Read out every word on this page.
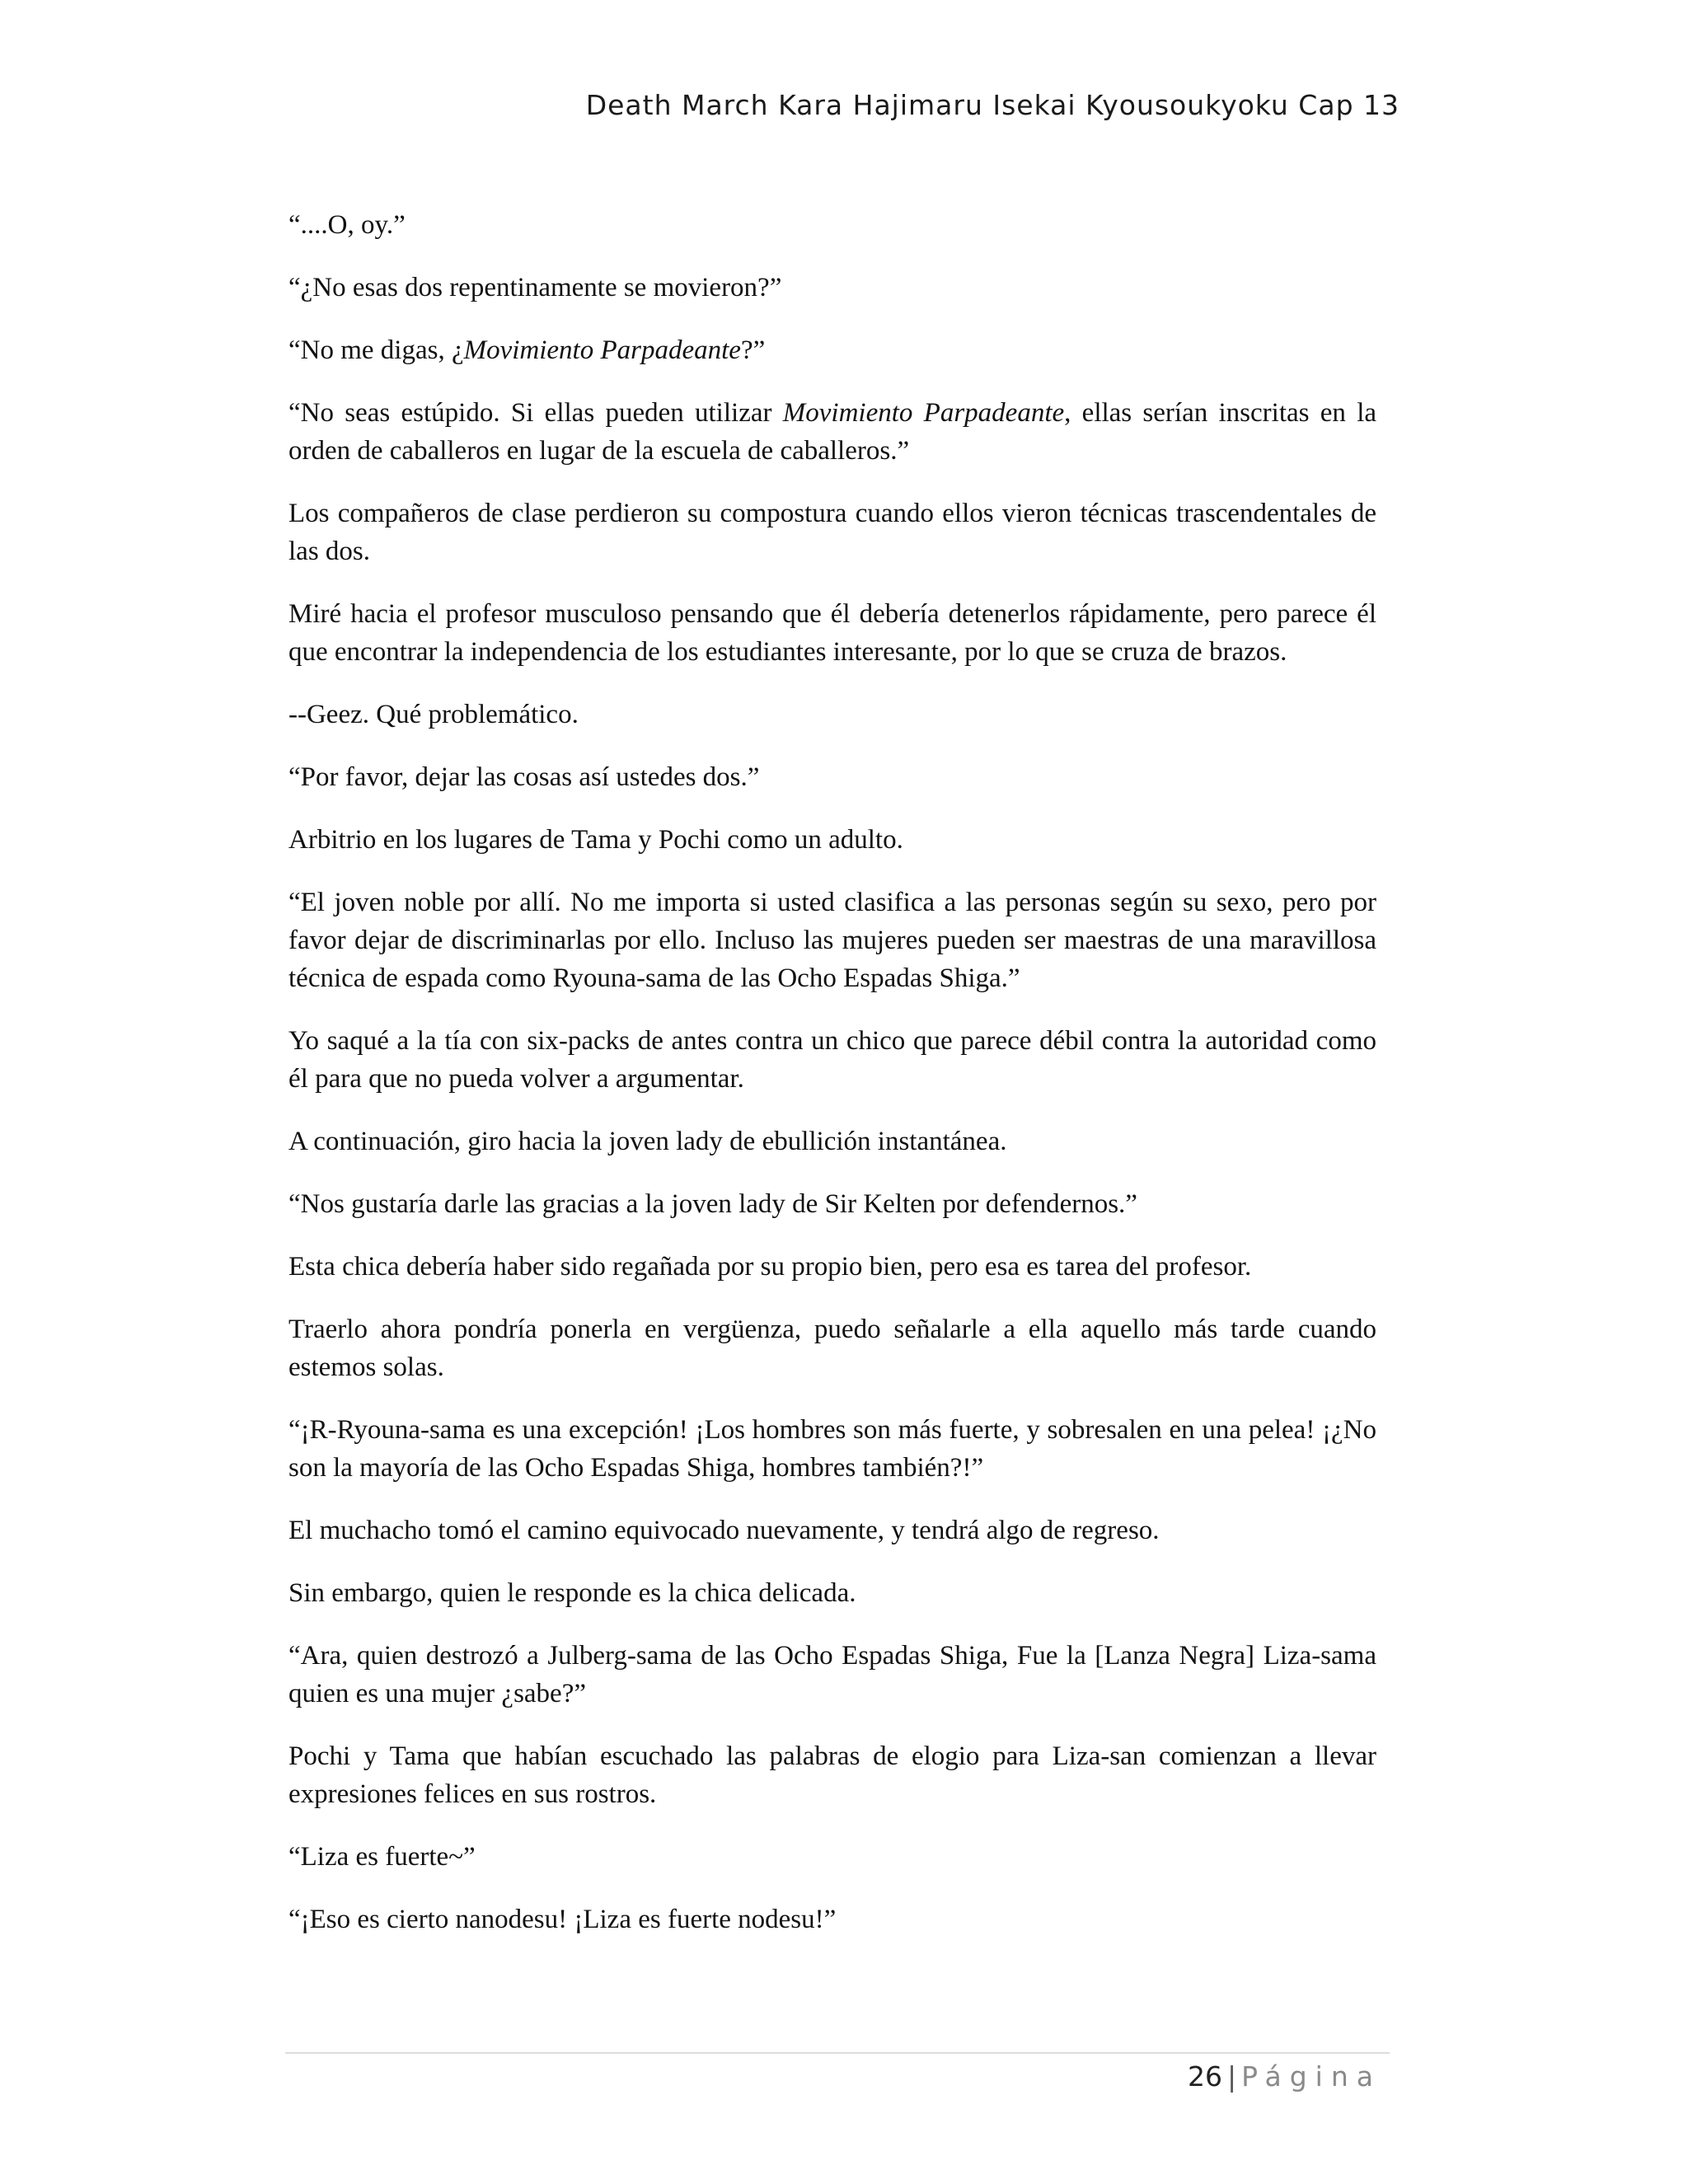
Death March Kara Hajimaru Isekai Kyousoukyoku Cap 13

“....O, oy.”

“¿No esas dos repentinamente se movieron?”

“No me digas, ¿Movimiento Parpadeante?”

“No seas estúpido. Si ellas pueden utilizar Movimiento Parpadeante, ellas serían inscritas en la orden de caballeros en lugar de la escuela de caballeros.”

Los compañeros de clase perdieron su compostura cuando ellos vieron técnicas trascendentales de las dos.

Miré hacia el profesor musculoso pensando que él debería detenerlos rápidamente, pero parece él que encontrar la independencia de los estudiantes interesante, por lo que se cruza de brazos.

--Geez. Qué problemático.

“Por favor, dejar las cosas así ustedes dos.”

Arbitrio en los lugares de Tama y Pochi como un adulto.

“El joven noble por allí. No me importa si usted clasifica a las personas según su sexo, pero por favor dejar de discriminarlas por ello. Incluso las mujeres pueden ser maestras de una maravillosa técnica de espada como Ryouna-sama de las Ocho Espadas Shiga.”

Yo saqué a la tía con six-packs de antes contra un chico que parece débil contra la autoridad como él para que no pueda volver a argumentar.

A continuación, giro hacia la joven lady de ebullición instantánea.

“Nos gustaría darle las gracias a la joven lady de Sir Kelten por defendernos.”

Esta chica debería haber sido regañada por su propio bien, pero esa es tarea del profesor.

Traerlo ahora pondría ponerla en vergüenza, puedo señalarle a ella aquello más tarde cuando estemos solas.

“¡R-Ryouna-sama es una excepción! ¡Los hombres son más fuerte, y sobresalen en una pelea! ¡¿No son la mayoría de las Ocho Espadas Shiga, hombres también?!”

El muchacho tomó el camino equivocado nuevamente, y tendrá algo de regreso.

Sin embargo, quien le responde es la chica delicada.

“Ara, quien destrozó a Julberg-sama de las Ocho Espadas Shiga, Fue la [Lanza Negra] Liza-sama quien es una mujer ¿sabe?”

Pochi y Tama que habían escuchado las palabras de elogio para Liza-san comienzan a llevar expresiones felices en sus rostros.

“Liza es fuerte~”

“¡Eso es cierto nanodesu! ¡Liza es fuerte nodesu!”

26 | Página
